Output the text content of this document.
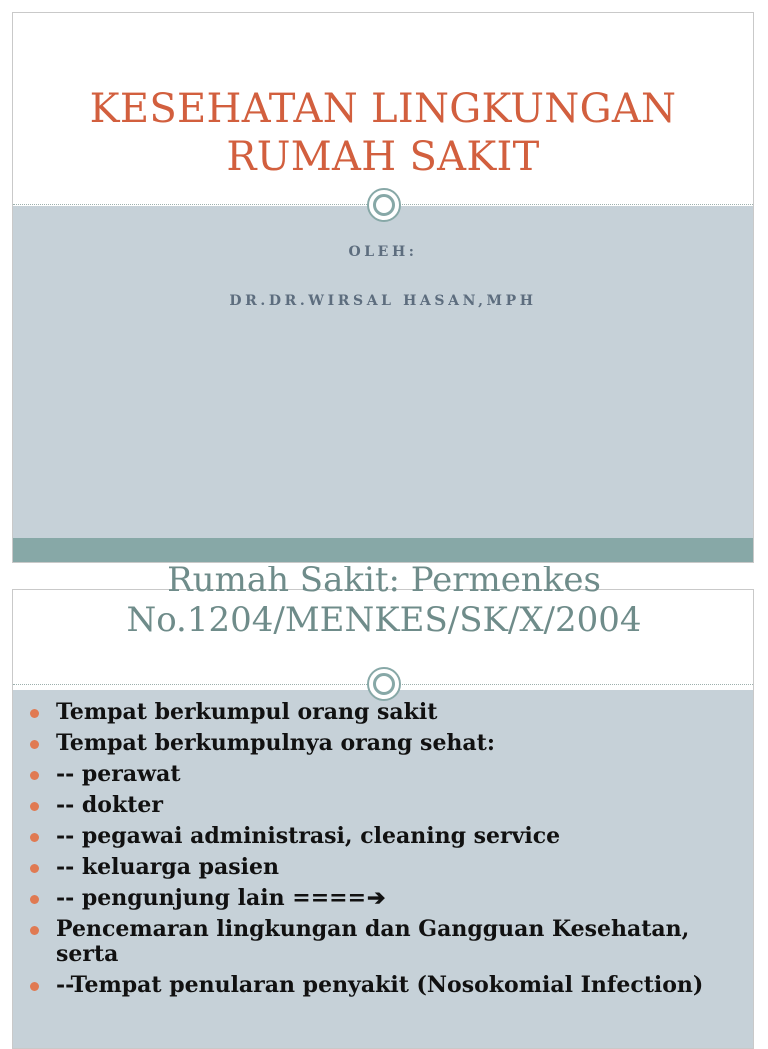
KESEHATAN LINGKUNGAN
RUMAH SAKIT
OLEH:
DR.DR.WIRSAL HASAN,MPH
Rumah Sakit: Permenkes
No.1204/MENKES/SK/X/2004
Tempat berkumpul orang sakit
Tempat berkumpulnya orang sehat:
-- perawat
-- dokter
-- pegawai administrasi, cleaning service
-- keluarga pasien
-- pengunjung lain ====➔
Pencemaran lingkungan dan Gangguan Kesehatan, serta
--Tempat penularan penyakit (Nosokomial Infection)
